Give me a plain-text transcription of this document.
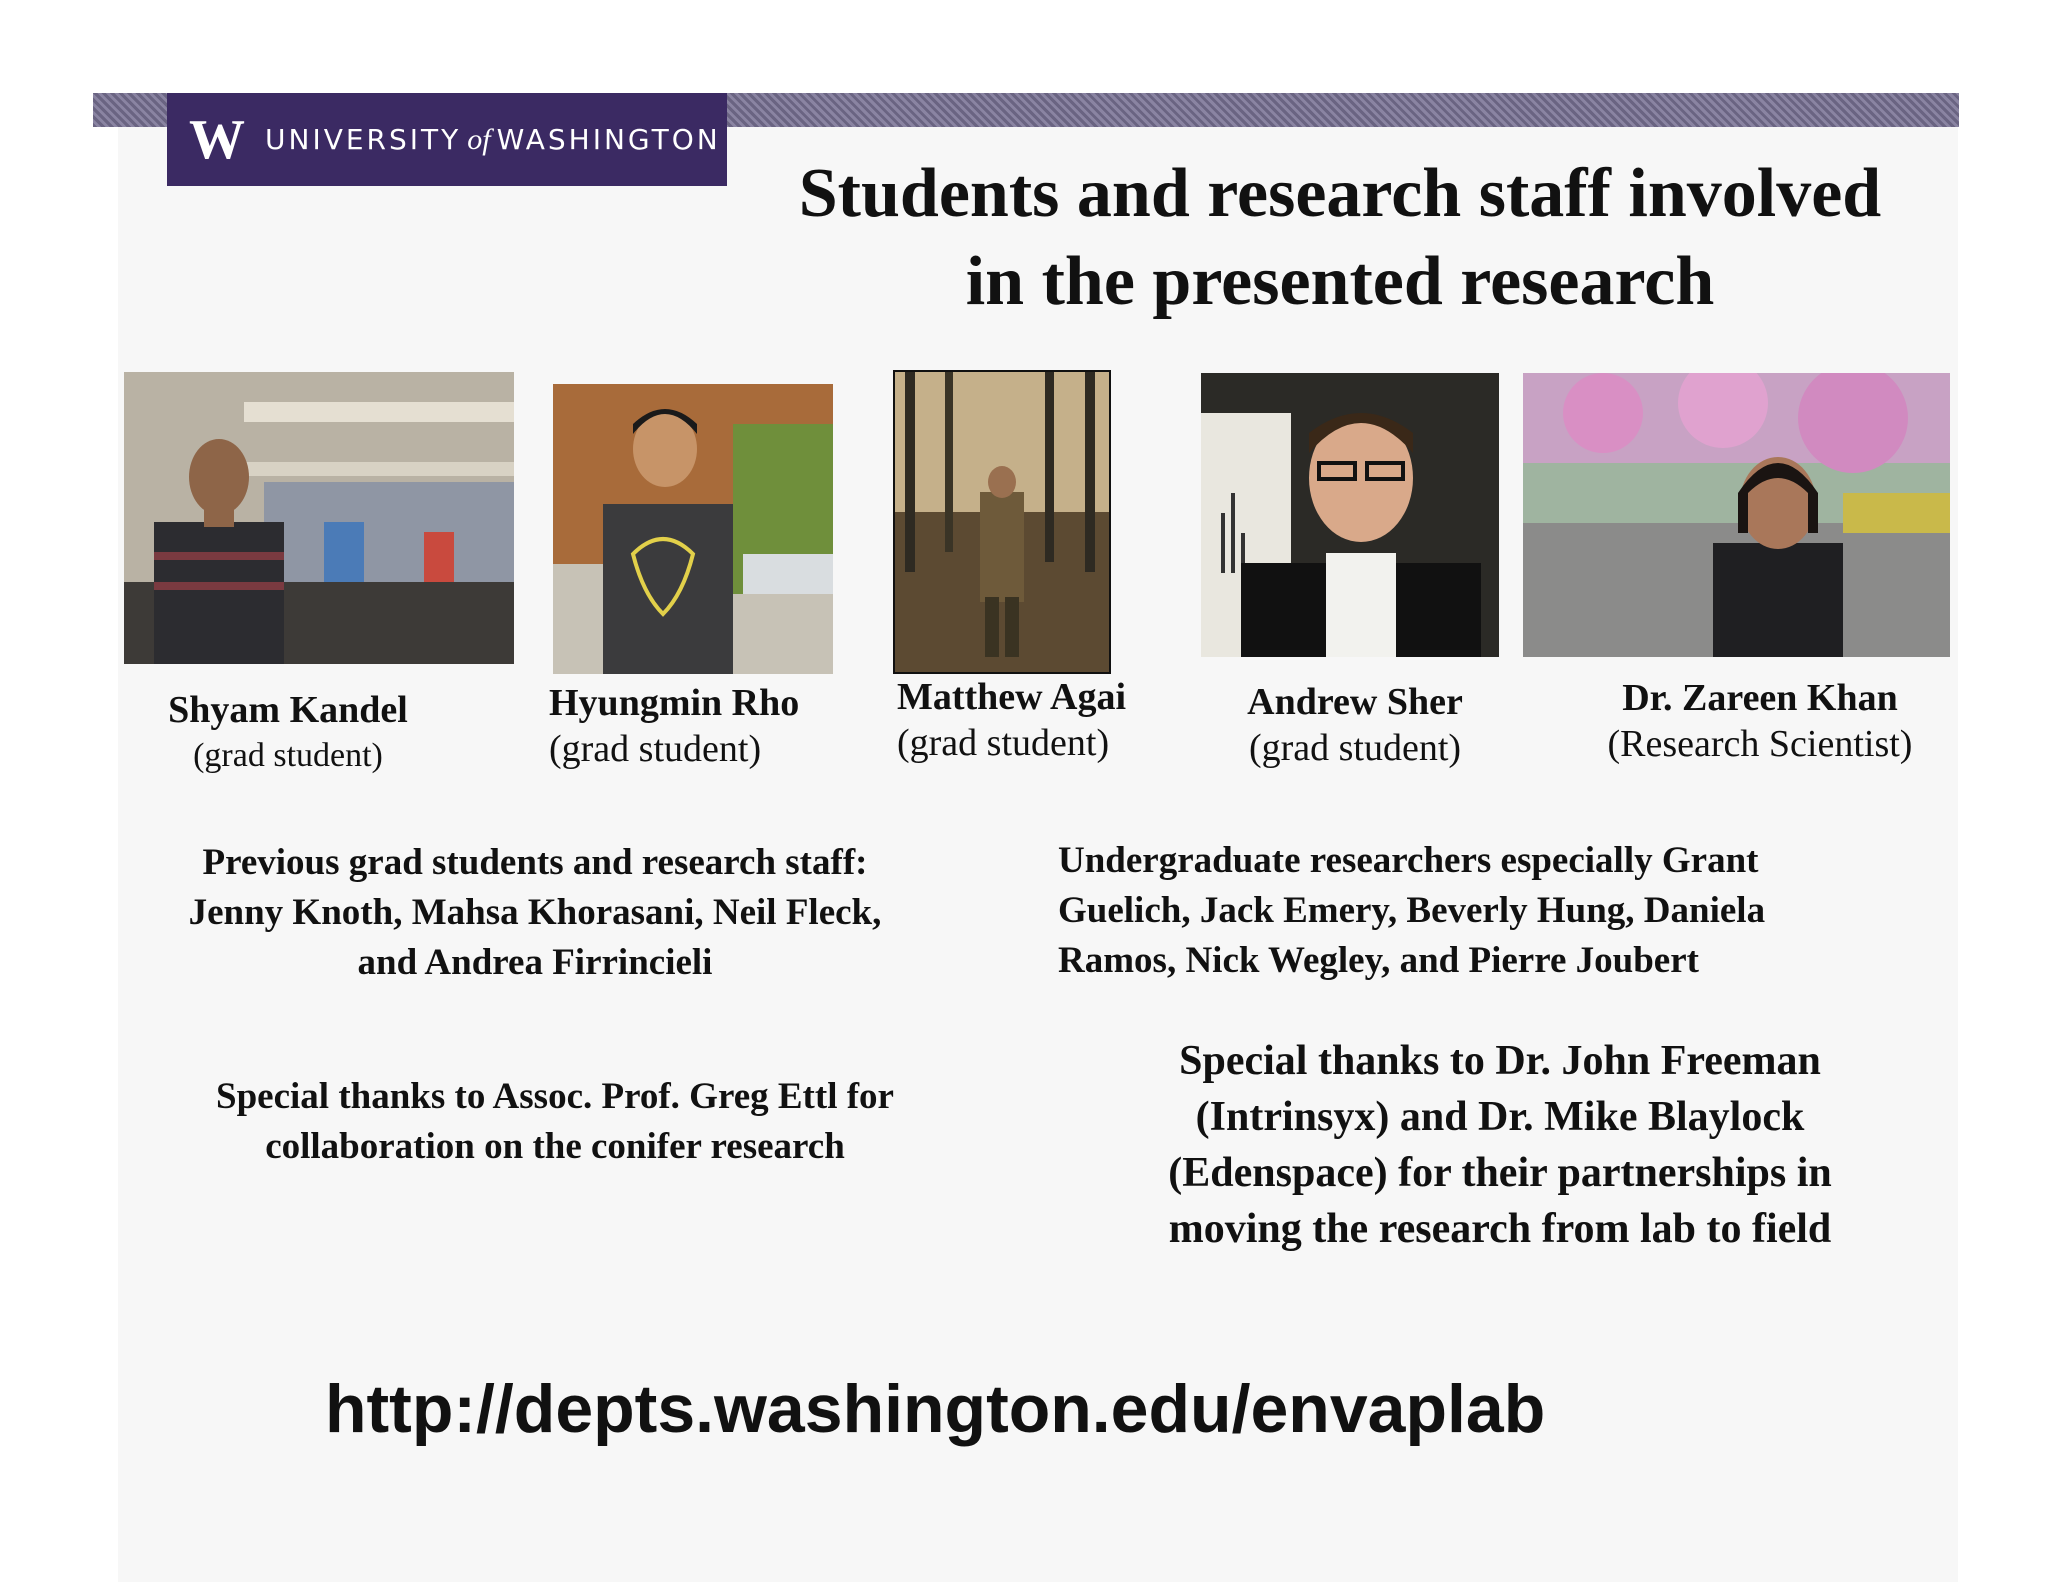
W UNIVERSITY of WASHINGTON
Students and research staff involved
in the presented research
Shyam Kandel
(grad student)
Hyungmin Rho
(grad student)
Matthew Agai
(grad student)
Andrew Sher
(grad student)
Dr. Zareen Khan
(Research Scientist)
Previous grad students and research staff:
Jenny Knoth, Mahsa Khorasani, Neil Fleck,
and Andrea Firrincieli
Undergraduate researchers especially Grant
Guelich, Jack Emery, Beverly Hung, Daniela
Ramos, Nick Wegley, and Pierre Joubert
Special thanks to Assoc. Prof. Greg Ettl for
collaboration on the conifer research
Special thanks to Dr. John Freeman
(Intrinsyx) and Dr. Mike Blaylock
(Edenspace) for their partnerships in
moving the research from lab to field
http://depts.washington.edu/envaplab
